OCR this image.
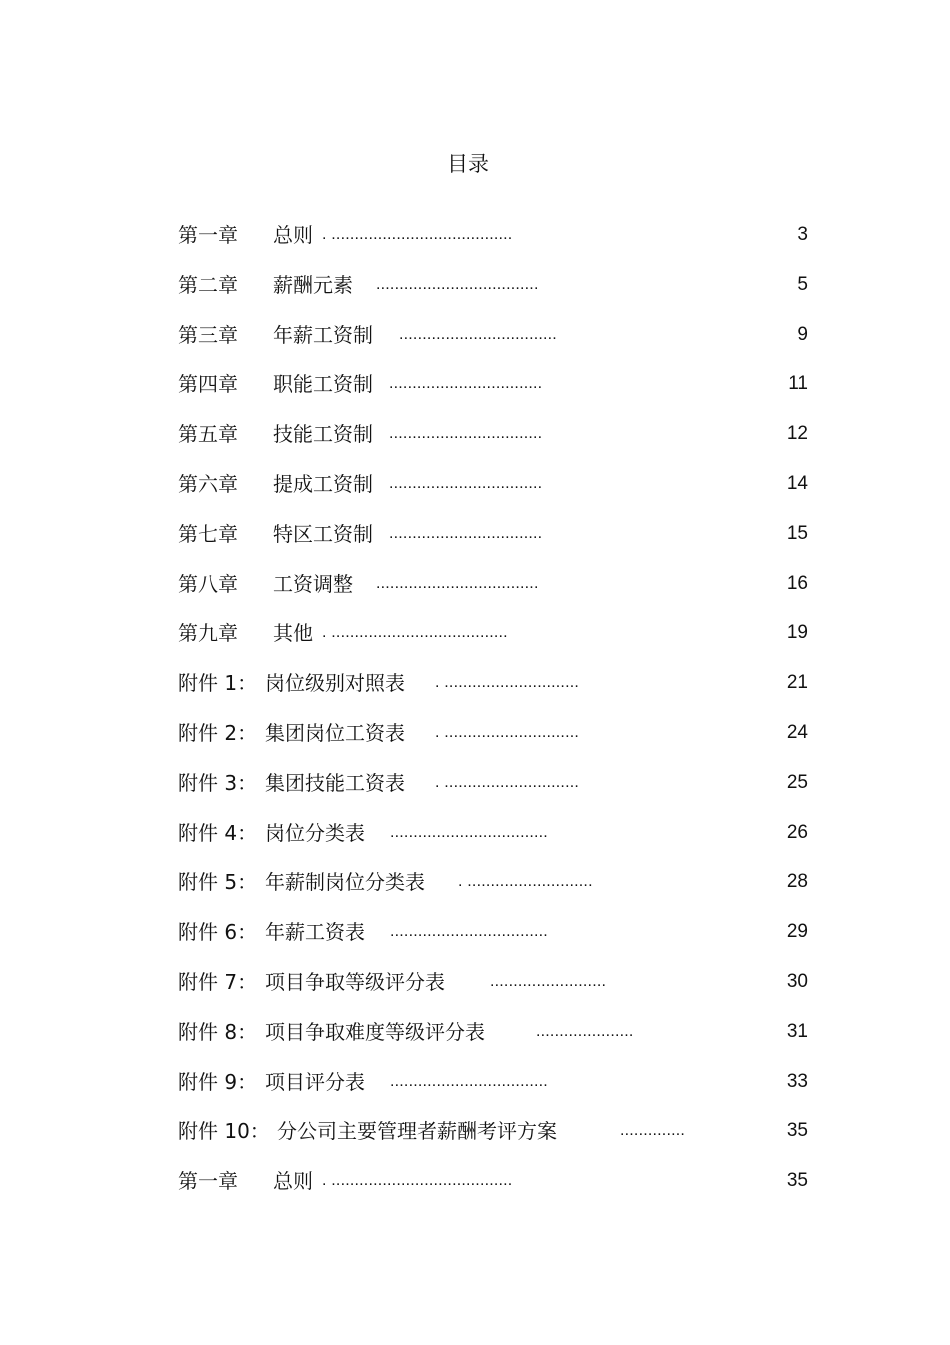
目录
第一章 总则 . .......................................	3
第二章 薪酬元素 ...................................	5
第三章 年薪工资制 ..................................	9
第四章 职能工资制 .................................	11
第五章 技能工资制 .................................	12
第六章 提成工资制 .................................	14
第七章 特区工资制 .................................	15
第八章 工资调整 ...................................	16
第九章 其他 . ......................................	19
附件 1： 岗位级别对照表 . .............................	21
附件 2： 集团岗位工资表 . .............................	24
附件 3： 集团技能工资表 . .............................	25
附件 4： 岗位分类表 ..................................	26
附件 5： 年薪制岗位分类表 . ...........................	28
附件 6： 年薪工资表 ..................................	29
附件 7： 项目争取等级评分表	.........................	30
附件 8： 项目争取难度等级评分表	.....................	31
附件 9： 项目评分表 ..................................	33
附件 10： 分公司主要管理者薪酬考评方案	..............	35
第一章 总则 . .......................................	35
